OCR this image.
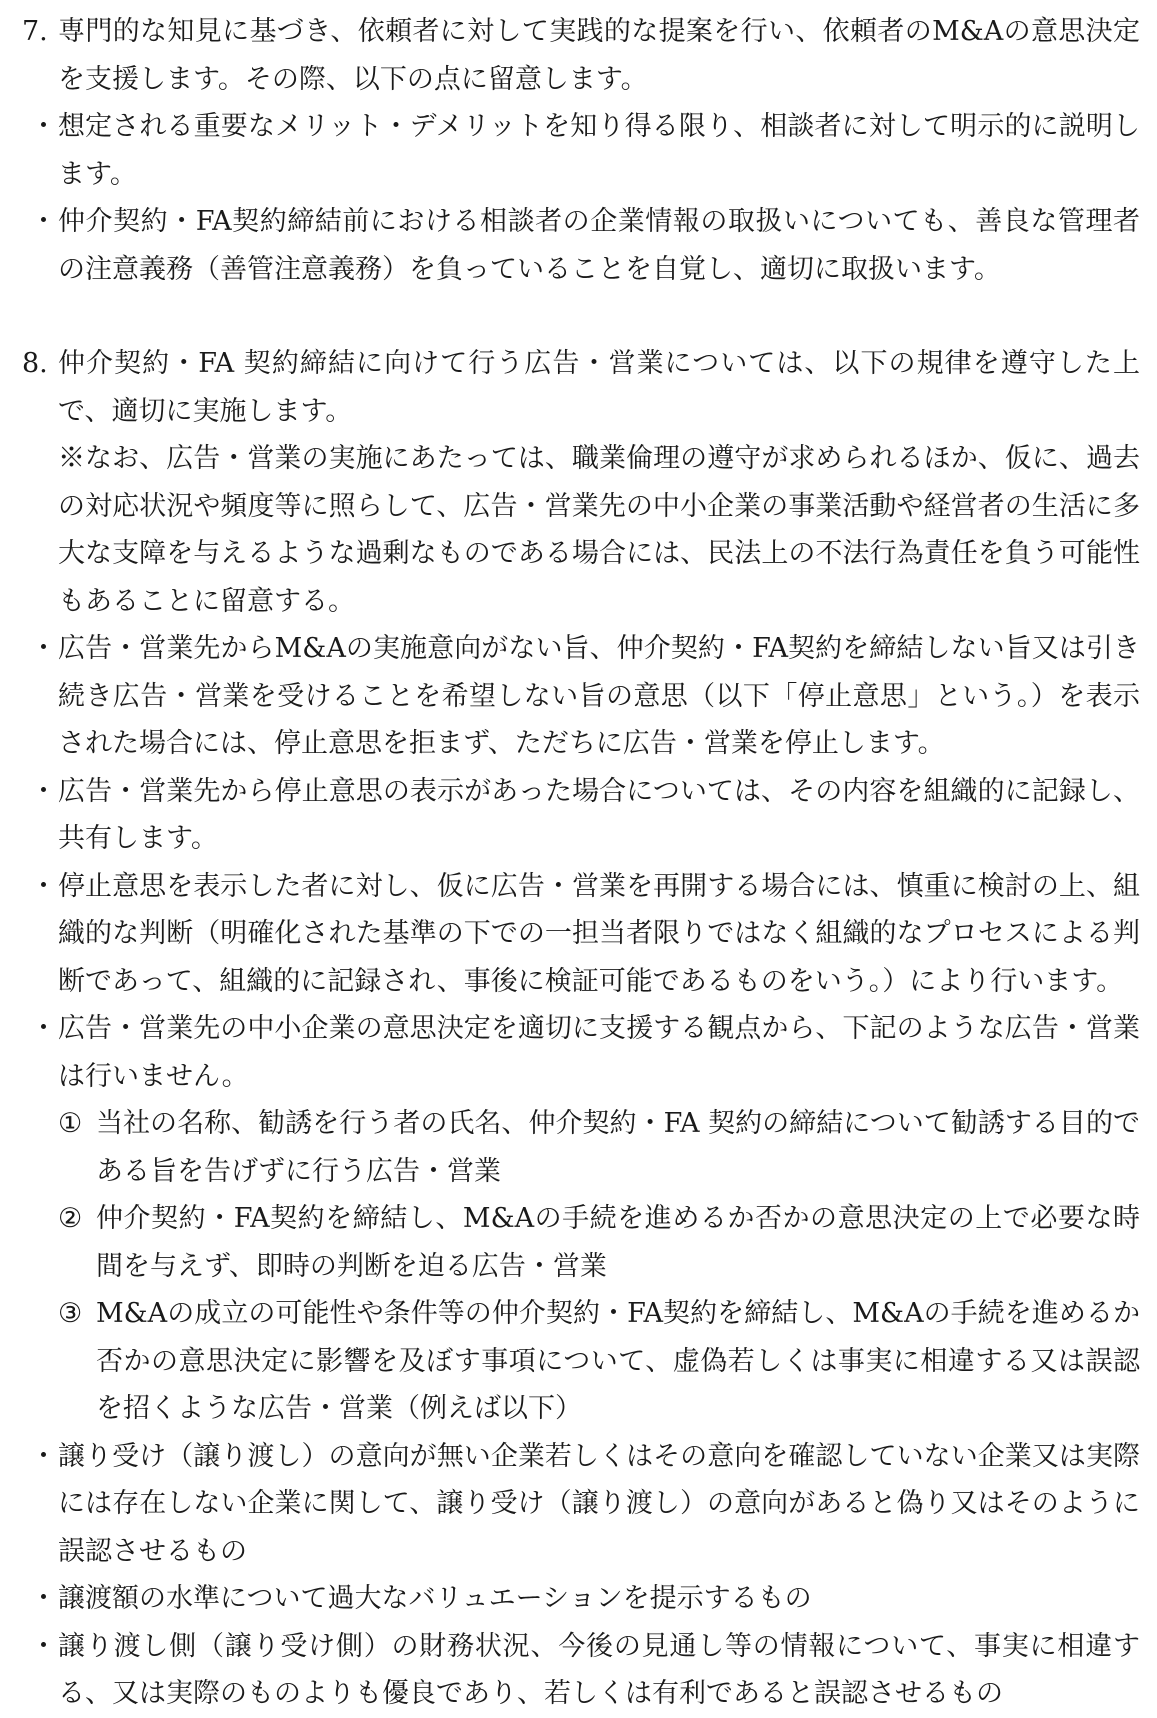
7. 専門的な知見に基づき、依頼者に対して実践的な提案を行い、依頼者のM&Aの意思決定を支援します。その際、以下の点に留意します。
・ 想定される重要なメリット・デメリットを知り得る限り、相談者に対して明示的に説明します。
・ 仲介契約・FA契約締結前における相談者の企業情報の取扱いについても、善良な管理者の注意義務（善管注意義務）を負っていることを自覚し、適切に取扱います。
8. 仲介契約・FA 契約締結に向けて行う広告・営業については、以下の規律を遵守した上で、適切に実施します。
※なお、広告・営業の実施にあたっては、職業倫理の遵守が求められるほか、仮に、過去の対応状況や頻度等に照らして、広告・営業先の中小企業の事業活動や経営者の生活に多大な支障を与えるような過剰なものである場合には、民法上の不法行為責任を負う可能性もあることに留意する。
・ 広告・営業先からM&Aの実施意向がない旨、仲介契約・FA契約を締結しない旨又は引き続き広告・営業を受けることを希望しない旨の意思（以下「停止意思」という。）を表示された場合には、停止意思を拒まず、ただちに広告・営業を停止します。
・ 広告・営業先から停止意思の表示があった場合については、その内容を組織的に記録し、共有します。
・ 停止意思を表示した者に対し、仮に広告・営業を再開する場合には、慎重に検討の上、組織的な判断（明確化された基準の下での一担当者限りではなく組織的なプロセスによる判断であって、組織的に記録され、事後に検証可能であるものをいう。）により行います。
・ 広告・営業先の中小企業の意思決定を適切に支援する観点から、下記のような広告・営業は行いません。
① 当社の名称、勧誘を行う者の氏名、仲介契約・FA 契約の締結について勧誘する目的である旨を告げずに行う広告・営業
② 仲介契約・FA契約を締結し、M&Aの手続を進めるか否かの意思決定の上で必要な時間を与えず、即時の判断を迫る広告・営業
③ M&Aの成立の可能性や条件等の仲介契約・FA契約を締結し、M&Aの手続を進めるか否かの意思決定に影響を及ぼす事項について、虚偽若しくは事実に相違する又は誤認を招くような広告・営業（例えば以下）
・ 譲り受け（譲り渡し）の意向が無い企業若しくはその意向を確認していない企業又は実際には存在しない企業に関して、譲り受け（譲り渡し）の意向があると偽り又はそのように誤認させるもの
・ 譲渡額の水準について過大なバリュエーションを提示するもの
・ 譲り渡し側（譲り受け側）の財務状況、今後の見通し等の情報について、事実に相違する、又は実際のものよりも優良であり、若しくは有利であると誤認させるもの
